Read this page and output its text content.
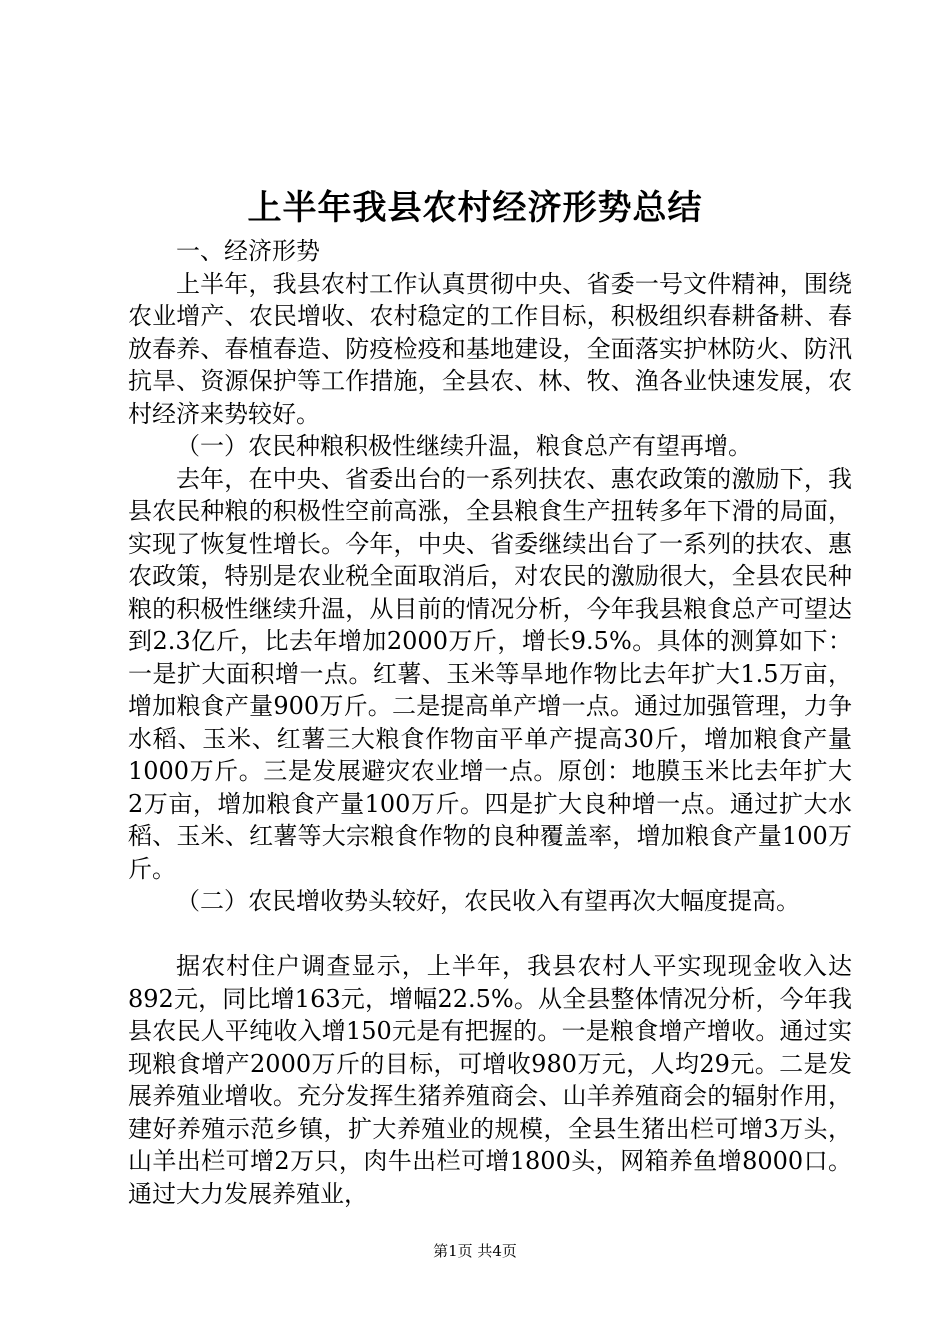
上半年我县农村经济形势总结

一、经济形势

上半年，我县农村工作认真贯彻中央、省委一号文件精神，围绕农业增产、农民增收、农村稳定的工作目标，积极组织春耕备耕、春放春养、春植春造、防疫检疫和基地建设，全面落实护林防火、防汛抗旱、资源保护等工作措施，全县农、林、牧、渔各业快速发展，农村经济来势较好。

（一）农民种粮积极性继续升温，粮食总产有望再增。

去年，在中央、省委出台的一系列扶农、惠农政策的激励下，我县农民种粮的积极性空前高涨，全县粮食生产扭转多年下滑的局面，实现了恢复性增长。今年，中央、省委继续出台了一系列的扶农、惠农政策，特别是农业税全面取消后，对农民的激励很大，全县农民种粮的积极性继续升温，从目前的情况分析，今年我县粮食总产可望达到2.3亿斤，比去年增加2000万斤，增长9.5%。具体的测算如下：一是扩大面积增一点。红薯、玉米等旱地作物比去年扩大1.5万亩，增加粮食产量900万斤。二是提高单产增一点。通过加强管理，力争水稻、玉米、红薯三大粮食作物亩平单产提高30斤，增加粮食产量1000万斤。三是发展避灾农业增一点。原创：地膜玉米比去年扩大2万亩，增加粮食产量100万斤。四是扩大良种增一点。通过扩大水稻、玉米、红薯等大宗粮食作物的良种覆盖率，增加粮食产量100万斤。

（二）农民增收势头较好，农民收入有望再次大幅度提高。

据农村住户调查显示，上半年，我县农村人平实现现金收入达892元，同比增163元，增幅22.5%。从全县整体情况分析，今年我县农民人平纯收入增150元是有把握的。一是粮食增产增收。通过实现粮食增产2000万斤的目标，可增收980万元，人均29元。二是发展养殖业增收。充分发挥生猪养殖商会、山羊养殖商会的辐射作用，建好养殖示范乡镇，扩大养殖业的规模，全县生猪出栏可增3万头，山羊出栏可增2万只，肉牛出栏可增1800头，网箱养鱼增8000口。通过大力发展养殖业，

第1页 共4页
